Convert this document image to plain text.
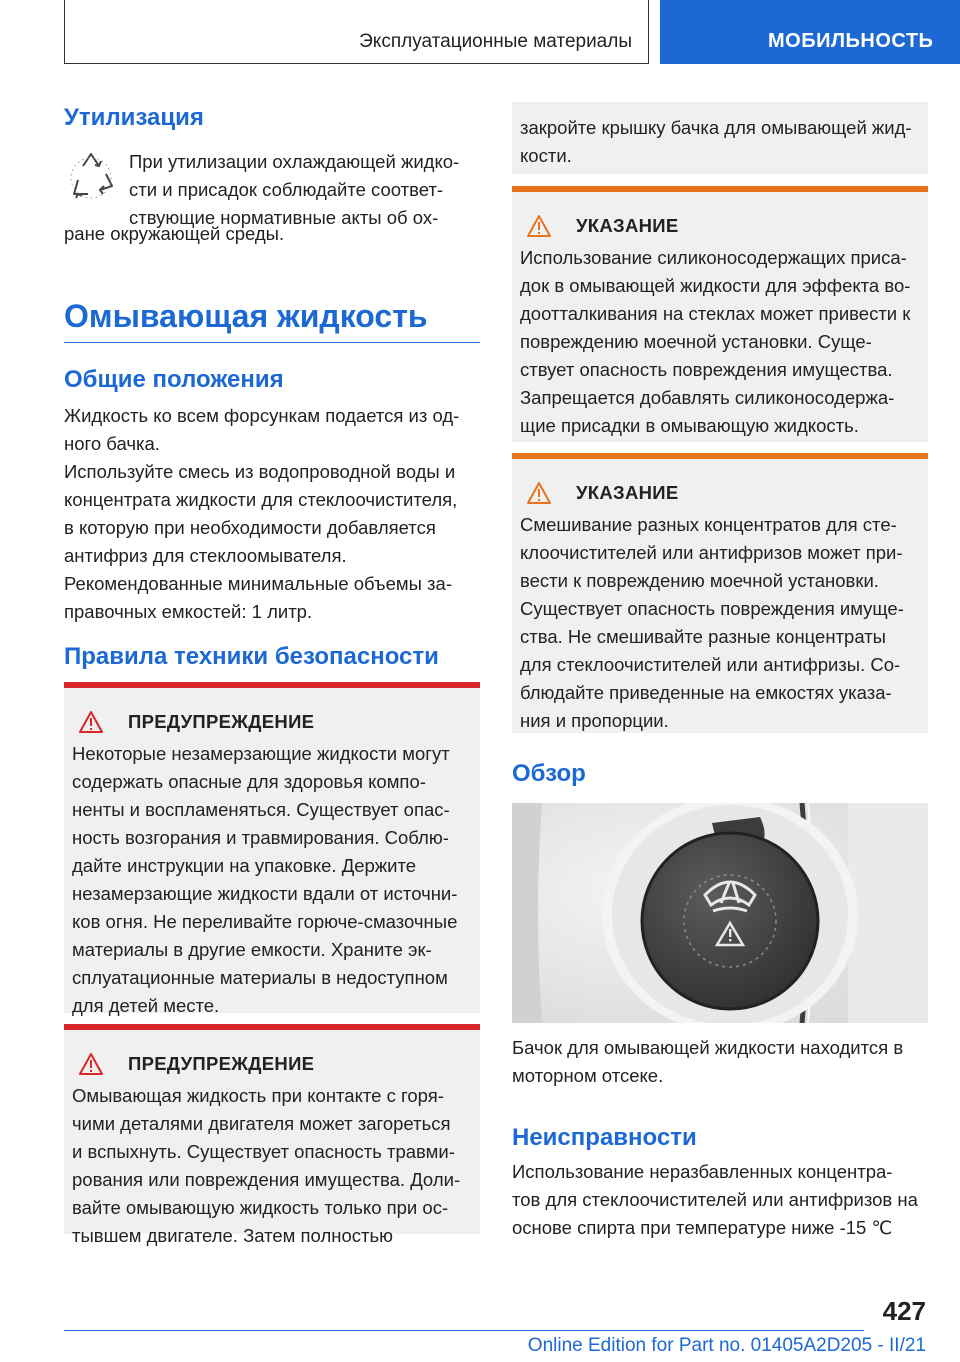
Эксплуатационные материалы	МОБИЛЬНОСТЬ
Утилизация

При утилизации охлаждающей жидко-
сти и присадок соблюдайте соответ-
ствующие нормативные акты об ох-

ране окружающей среды.

Омывающая жидкость
Общие положения

Жидкость ко всем форсункам подается из од-
ного бачка.

Используйте смесь из водопроводной воды и
концентрата жидкости для стеклоочистителя,
в которую при необходимости добавляется
антифриз для стеклоомывателя.

Рекомендованные минимальные объемы за-
правочных емкостей: 1 литр.

Правила техники безопасности
ПРЕДУПРЕЖДЕНИЕ

Некоторые незамерзающие жидкости могут
содержать опасные для здоровья компо-
ненты и воспламеняться. Существует опас-
ность возгорания и травмирования. Соблю-
дайте инструкции на упаковке. Держите
незамерзающие жидкости вдали от источни-
ков огня. Не переливайте горюче-смазочные
материалы в другие емкости. Храните эк-
сплуатационные материалы в недоступном
для детей месте.

ПРЕДУПРЕЖДЕНИЕ

Омывающая жидкость при контакте с горя-
чими деталями двигателя может загореться
и вспыхнуть. Существует опасность травми-
рования или повреждения имущества. Доли-
вайте омывающую жидкость только при ос-
тывшем двигателе. Затем полностью

закройте крышку бачка для омывающей жид-
кости.

УКАЗАНИЕ

Использование силиконосодержащих приса-
док в омывающей жидкости для эффекта во-
доотталкивания на стеклах может привести к
повреждению моечной установки. Суще-
ствует опасность повреждения имущества.
Запрещается добавлять силиконосодержа-
щие присадки в омывающую жидкость.

УКАЗАНИЕ

Смешивание разных концентратов для сте-
клоочистителей или антифризов может при-
вести к повреждению моечной установки.
Существует опасность повреждения имуще-
ства. Не смешивайте разные концентраты
для стеклоочистителей или антифризы. Со-
блюдайте приведенные на емкостях указа-
ния и пропорции.

Обзор

Бачок для омывающей жидкости находится в
моторном отсеке.

Неисправности

Использование неразбавленных концентра-
тов для стеклоочистителей или антифризов на
основе спирта при температуре ниже -15 ℃

427
Online Edition for Part no. 01405A2D205 - II/21
